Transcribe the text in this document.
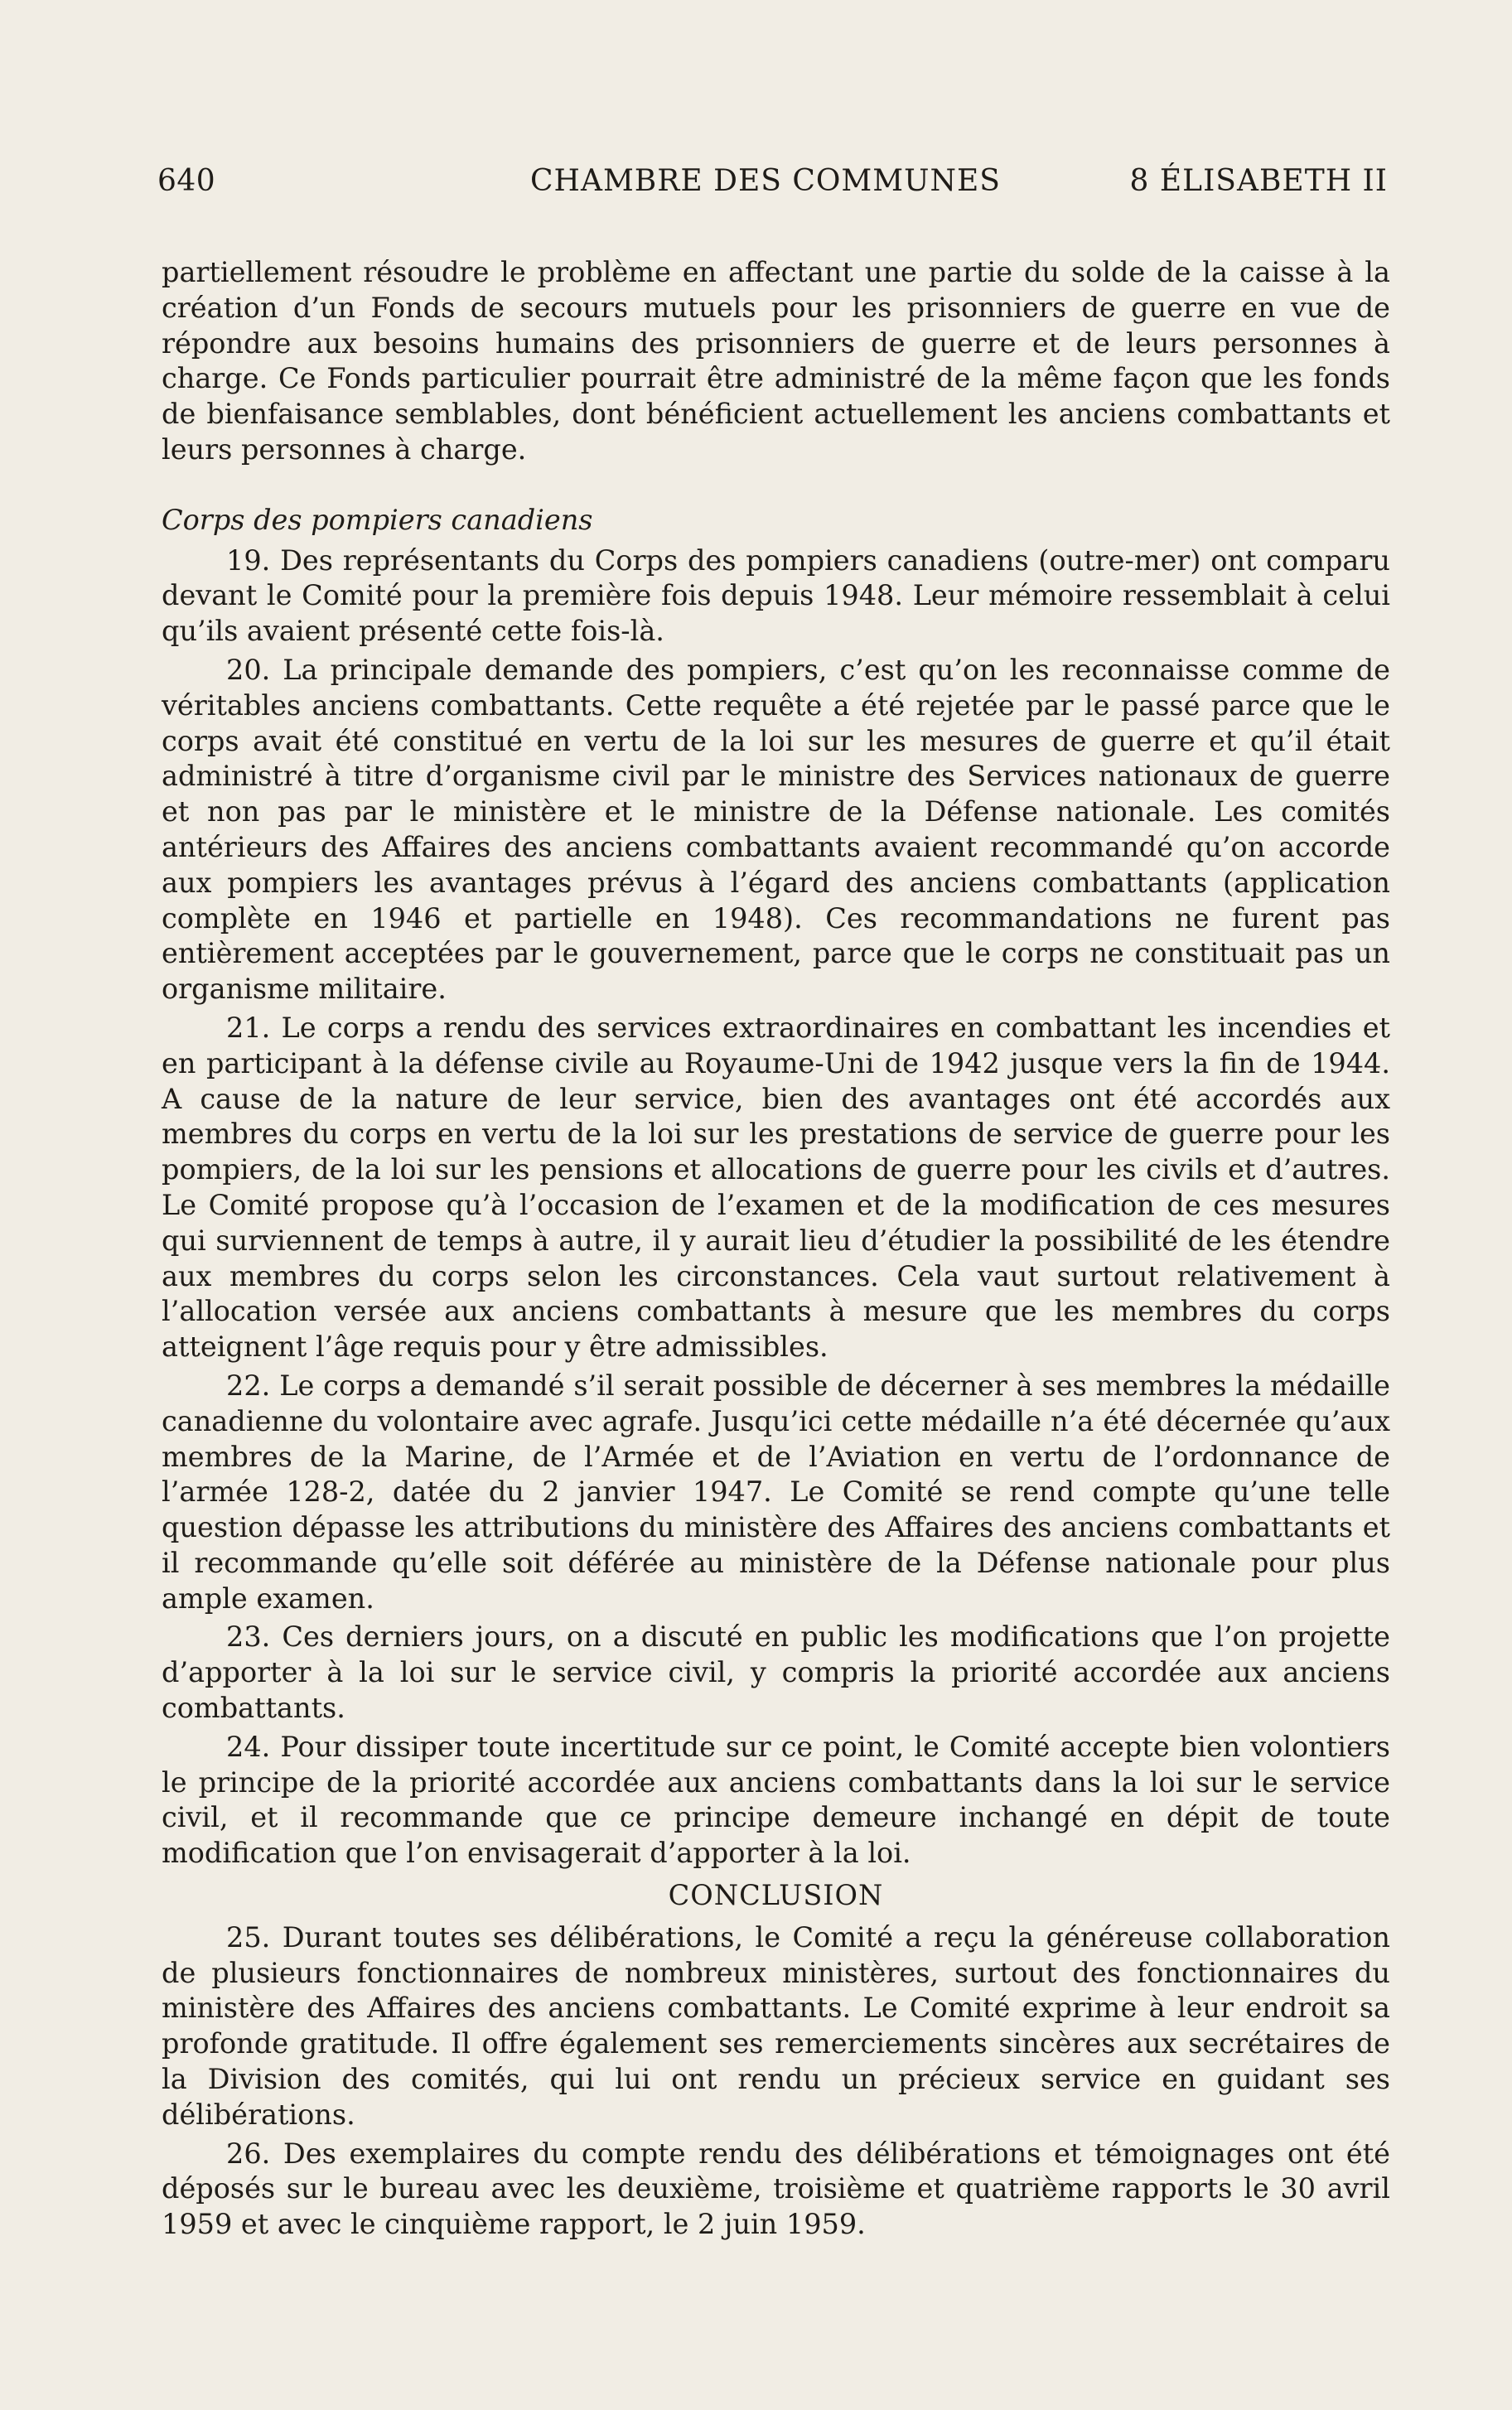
640	CHAMBRE DES COMMUNES	8 ÉLISABETH II

partiellement résoudre le problème en affectant une partie du solde de la caisse à la création d’un Fonds de secours mutuels pour les prisonniers de guerre en vue de répondre aux besoins humains des prisonniers de guerre et de leurs personnes à charge. Ce Fonds particulier pourrait être administré de la même façon que les fonds de bienfaisance semblables, dont bénéficient actuellement les anciens combattants et leurs personnes à charge.

Corps des pompiers canadiens

19. Des représentants du Corps des pompiers canadiens (outre-mer) ont comparu devant le Comité pour la première fois depuis 1948. Leur mémoire ressemblait à celui qu’ils avaient présenté cette fois-là.

20. La principale demande des pompiers, c’est qu’on les reconnaisse comme de véritables anciens combattants. Cette requête a été rejetée par le passé parce que le corps avait été constitué en vertu de la loi sur les mesures de guerre et qu’il était administré à titre d’organisme civil par le ministre des Services nationaux de guerre et non pas par le ministère et le ministre de la Défense nationale. Les comités antérieurs des Affaires des anciens combattants avaient recommandé qu’on accorde aux pompiers les avantages prévus à l’égard des anciens combattants (application complète en 1946 et partielle en 1948). Ces recommandations ne furent pas entièrement acceptées par le gouvernement, parce que le corps ne constituait pas un organisme militaire.

21. Le corps a rendu des services extraordinaires en combattant les incendies et en participant à la défense civile au Royaume-Uni de 1942 jusque vers la fin de 1944. A cause de la nature de leur service, bien des avantages ont été accordés aux membres du corps en vertu de la loi sur les prestations de service de guerre pour les pompiers, de la loi sur les pensions et allocations de guerre pour les civils et d’autres. Le Comité propose qu’à l’occasion de l’examen et de la modification de ces mesures qui surviennent de temps à autre, il y aurait lieu d’étudier la possibilité de les étendre aux membres du corps selon les circonstances. Cela vaut surtout relativement à l’allocation versée aux anciens combattants à mesure que les membres du corps atteignent l’âge requis pour y être admissibles.

22. Le corps a demandé s’il serait possible de décerner à ses membres la médaille canadienne du volontaire avec agrafe. Jusqu’ici cette médaille n’a été décernée qu’aux membres de la Marine, de l’Armée et de l’Aviation en vertu de l’ordonnance de l’armée 128-2, datée du 2 janvier 1947. Le Comité se rend compte qu’une telle question dépasse les attributions du ministère des Affaires des anciens combattants et il recommande qu’elle soit déférée au ministère de la Défense nationale pour plus ample examen.

23. Ces derniers jours, on a discuté en public les modifications que l’on projette d’apporter à la loi sur le service civil, y compris la priorité accordée aux anciens combattants.

24. Pour dissiper toute incertitude sur ce point, le Comité accepte bien volontiers le principe de la priorité accordée aux anciens combattants dans la loi sur le service civil, et il recommande que ce principe demeure inchangé en dépit de toute modification que l’on envisagerait d’apporter à la loi.

CONCLUSION

25. Durant toutes ses délibérations, le Comité a reçu la généreuse collaboration de plusieurs fonctionnaires de nombreux ministères, surtout des fonctionnaires du ministère des Affaires des anciens combattants. Le Comité exprime à leur endroit sa profonde gratitude. Il offre également ses remerciements sincères aux secrétaires de la Division des comités, qui lui ont rendu un précieux service en guidant ses délibérations.

26. Des exemplaires du compte rendu des délibérations et témoignages ont été déposés sur le bureau avec les deuxième, troisième et quatrième rapports le 30 avril 1959 et avec le cinquième rapport, le 2 juin 1959.
